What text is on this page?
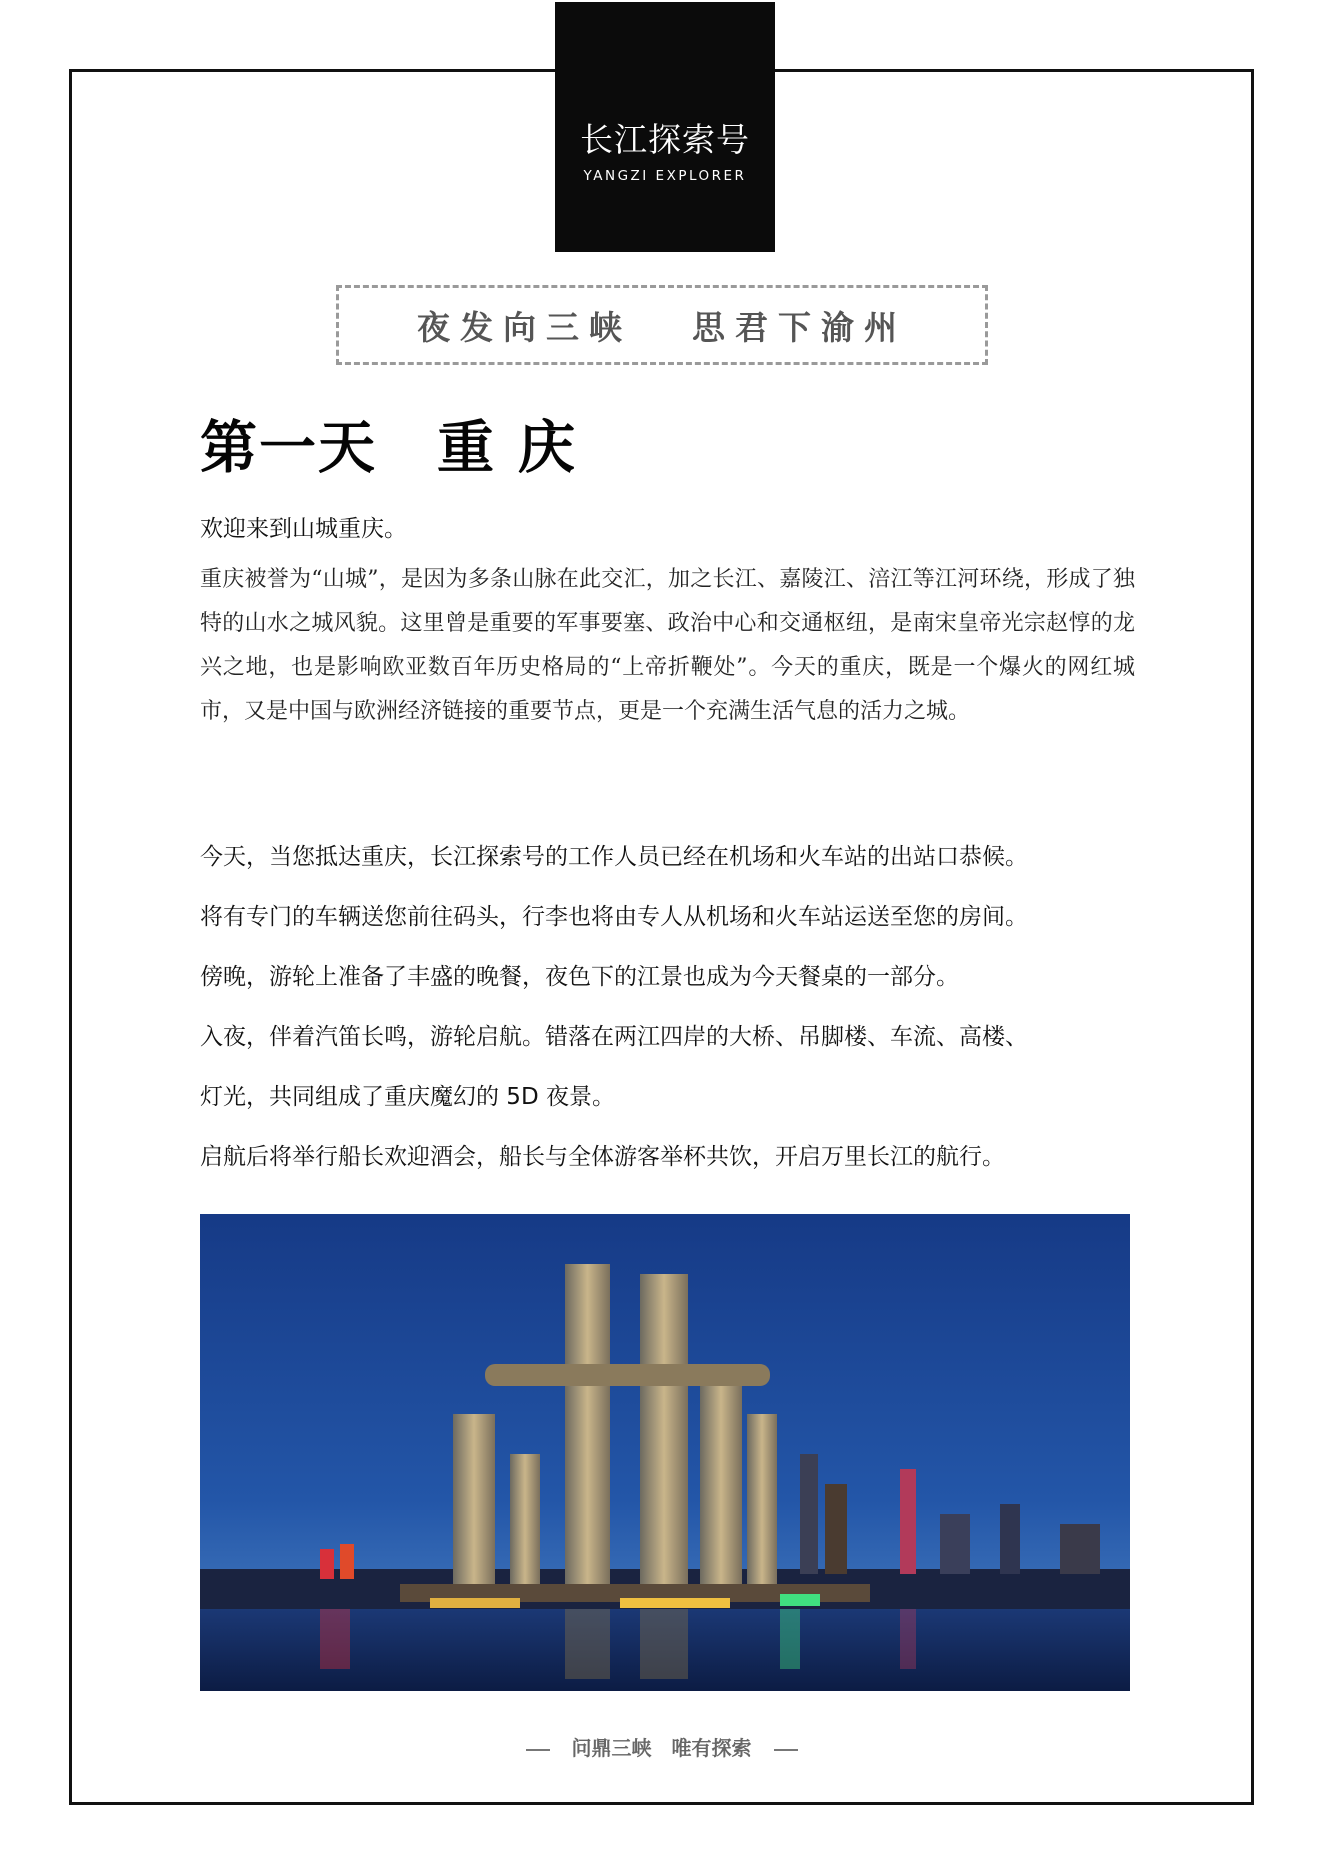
长江探索号
YANGZI EXPLORER
夜发向三峡 思君下渝州
第一天 重 庆
欢迎来到山城重庆。
重庆被誉为“山城”，是因为多条山脉在此交汇，加之长江、嘉陵江、涪江等江河环绕，形成了独特的山水之城风貌。这里曾是重要的军事要塞、政治中心和交通枢纽，是南宋皇帝光宗赵惇的龙兴之地，也是影响欧亚数百年历史格局的“上帝折鞭处”。今天的重庆，既是一个爆火的网红城市，又是中国与欧洲经济链接的重要节点，更是一个充满生活气息的活力之城。
今天，当您抵达重庆，长江探索号的工作人员已经在机场和火车站的出站口恭候。
将有专门的车辆送您前往码头，行李也将由专人从机场和火车站运送至您的房间。
傍晚，游轮上准备了丰盛的晚餐，夜色下的江景也成为今天餐桌的一部分。
入夜，伴着汽笛长鸣，游轮启航。错落在两江四岸的大桥、吊脚楼、车流、高楼、
灯光，共同组成了重庆魔幻的 5D 夜景。
启航后将举行船长欢迎酒会，船长与全体游客举杯共饮，开启万里长江的航行。
问鼎三峡 唯有探索
